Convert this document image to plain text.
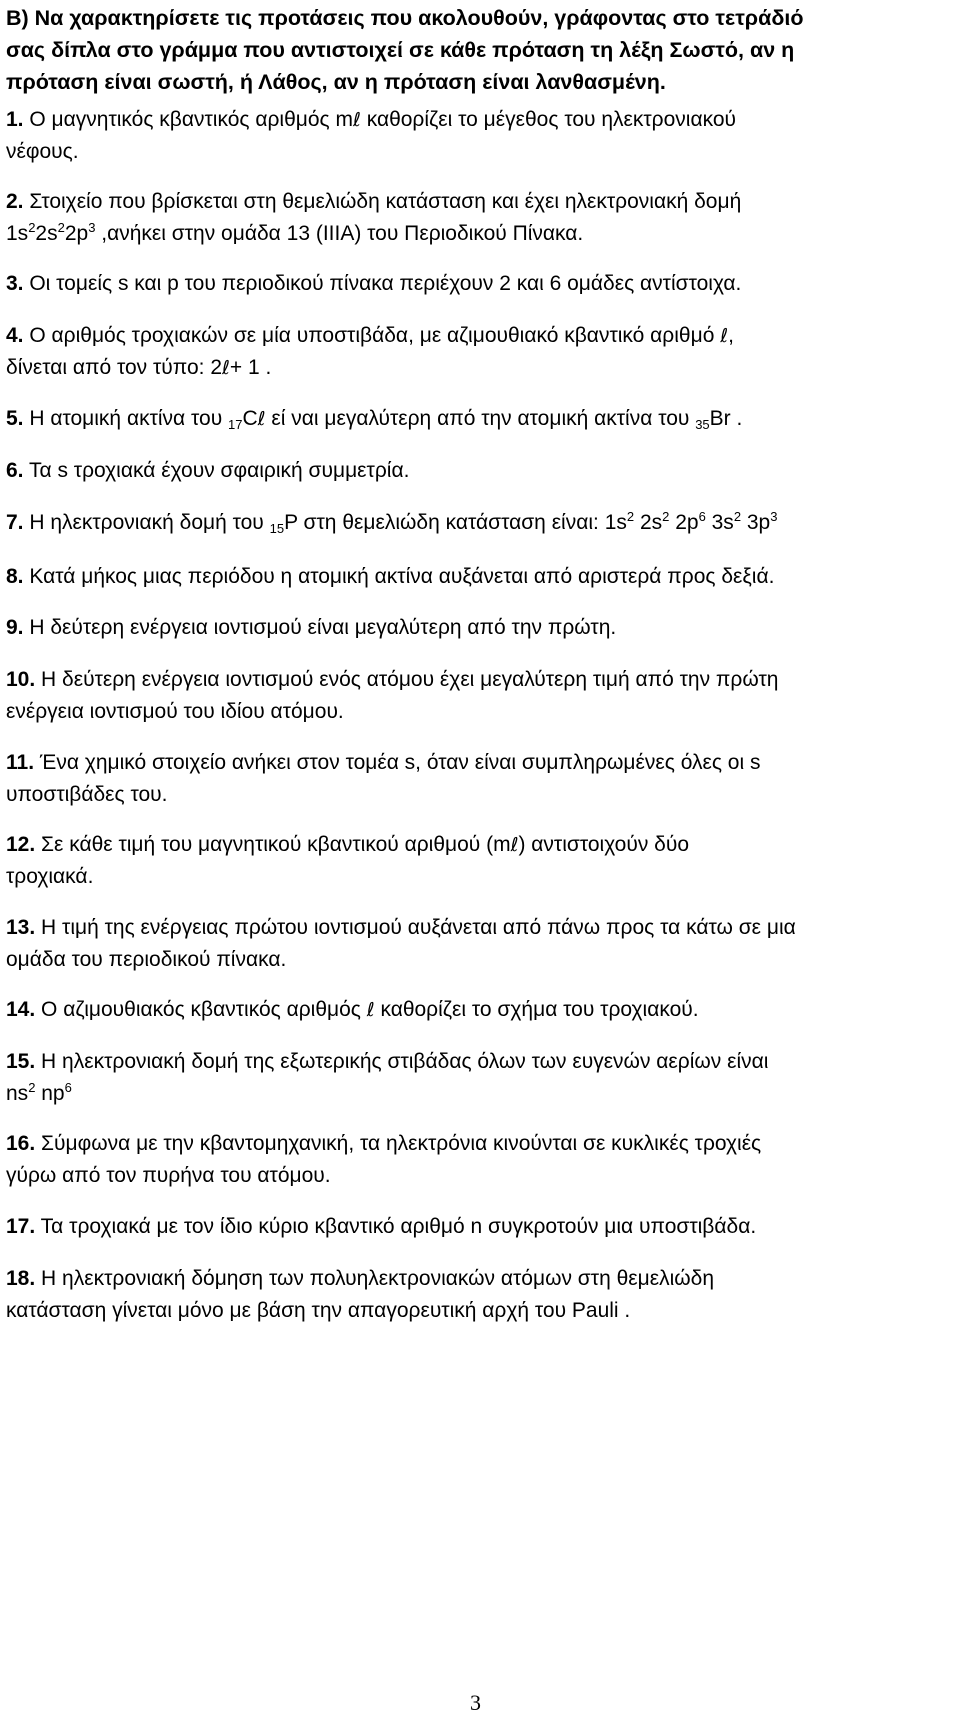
Β) Να χαρακτηρίσετε τις προτάσεις που ακολουθούν, γράφοντας στο τετράδιό
σας δίπλα στο γράμμα που αντιστοιχεί σε κάθε πρόταση τη λέξη Σωστό, αν η
πρόταση είναι σωστή, ή Λάθος, αν η πρόταση είναι λανθασμένη.
1. Ο μαγνητικός κβαντικός αριθμός mℓ καθορίζει το μέγεθος του ηλεκτρονιακού
νέφους.
2. Στοιχείο που βρίσκεται στη θεμελιώδη κατάσταση και έχει ηλεκτρονιακή δομή
$1s^22s^22p^3$ ,ανήκει στην ομάδα 13 (IIIA) του Περιοδικού Πίνακα.
3. Οι τομείς s και p του περιοδικού πίνακα περιέχουν 2 και 6 ομάδες αντίστοιχα.
4. Ο αριθμός τροχιακών σε μία υποστιβάδα, με αζιμουθιακό κβαντικό αριθμό ℓ,
δίνεται από τον τύπο: 2ℓ+ 1 .
5. Η ατομική ακτίνα του $_{17}$Cℓ εί ναι μεγαλύτερη από την ατομική ακτίνα του $_{35}$Br .
6. Τα s τροχιακά έχουν σφαιρική συμμετρία.
7. Η ηλεκτρονιακή δομή του $_{15}$P στη θεμελιώδη κατάσταση είναι: $1s^2$ $2s^2$ $2p^6$ $3s^2$ $3p^3$
8. Κατά μήκος μιας περιόδου η ατομική ακτίνα αυξάνεται από αριστερά προς δεξιά.
9. Η δεύτερη ενέργεια ιοντισμού είναι μεγαλύτερη από την πρώτη.
10. Η δεύτερη ενέργεια ιοντισμού ενός ατόμου έχει μεγαλύτερη τιμή από την πρώτη
ενέργεια ιοντισμού του ιδίου ατόμου.
11. Ένα χημικό στοιχείο ανήκει στον τομέα s, όταν είναι συμπληρωμένες όλες οι s
υποστιβάδες του.
12. Σε κάθε τιμή του μαγνητικού κβαντικού αριθμού (mℓ) αντιστοιχούν δύο
τροχιακά.
13. Η τιμή της ενέργειας πρώτου ιοντισμού αυξάνεται από πάνω προς τα κάτω σε μια
ομάδα του περιοδικού πίνακα.
14. Ο αζιμουθιακός κβαντικός αριθμός ℓ καθορίζει το σχήμα του τροχιακού.
15. Η ηλεκτρονιακή δομή της εξωτερικής στιβάδας όλων των ευγενών αερίων είναι
$ns^2$ $np^6$
16. Σύμφωνα με την κβαντομηχανική, τα ηλεκτρόνια κινούνται σε κυκλικές τροχιές
γύρω από τον πυρήνα του ατόμου.
17. Τα τροχιακά με τον ίδιο κύριο κβαντικό αριθμό n συγκροτούν μια υποστιβάδα.
18. Η ηλεκτρονιακή δόμηση των πολυηλεκτρονιακών ατόμων στη θεμελιώδη
κατάσταση γίνεται μόνο με βάση την απαγορευτική αρχή του Pauli .
3
